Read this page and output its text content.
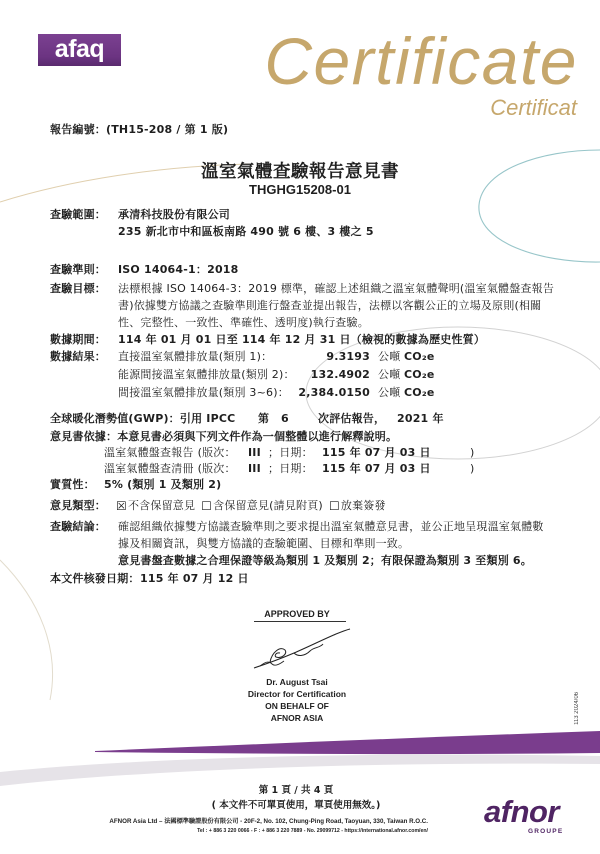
afaq Certificate
Certificat
報告編號：(TH15-208 / 第 1 版)
溫室氣體查驗報告意見書
THGHG15208-01
查驗範圍： 承清科技股份有限公司
235 新北市中和區板南路 490 號 6 樓、3 樓之 5
查驗準則： ISO 14064-1：2018
查驗目標： 法標根據 ISO 14064-3：2019 標準，確認上述組織之溫室氣體聲明(溫室氣體盤查報告
書)依據雙方協議之查驗準則進行盤查並提出報告，法標以客觀公正的立場及原則(相關
性、完整性、一致性、準確性、透明度)執行查驗。
數據期間： 114 年 01 月 01 日至 114 年 12 月 31 日（檢視的數據為歷史性質）
數據結果： 直接溫室氣體排放量(類別 1)：	9.3193 公噸 CO₂e
能源間接溫室氣體排放量(類別 2)：	132.4902 公噸 CO₂e
間接溫室氣體排放量(類別 3~6)： 2,384.0150 公噸 CO₂e
全球暖化潛勢值(GWP)：引用 IPCC 第 6	次評估報告， 2021 年
意見書依據：本意見書必須與下列文件作為一個整體以進行解釋說明。
溫室氣體盤查報告 (版次： III ；日期： 115 年 07 月 03 日	)
溫室氣體盤查清冊 (版次： III ；日期： 115 年 07 月 03 日	)
實質性： 5% (類別 1 及類別 2)
意見類型： ☒ 不含保留意見 ☐ 含保留意見(請見附頁) ☐ 放棄簽發
查驗結論： 確認組織依據雙方協議查驗準則之要求提出溫室氣體意見書，並公正地呈現溫室氣體數
據及相關資訊，與雙方協議的查驗範圍、目標和準則一致。
意見書盤查數據之合理保證等級為類別 1 及類別 2；有限保證為類別 3 至類別 6。
本文件核發日期： 115 年 07 月 12 日
APPROVED BY
Dr. August Tsai
Director for Certification
ON BEHALF OF
AFNOR ASIA	113 2024/06
第 1 頁 / 共 4 頁
( 本文件不可單頁使用，單頁使用無效。)
AFNOR Asia Ltd – 法國標準驗證股份有限公司 - 20F-2, No. 102, Chung-Ping Road, Taoyuan, 330, Taiwan R.O.C.
Tel : + 886 3 220 0066 - F : + 886 3 220 7889 - No. 29099712 - https://international.afnor.com/en/
afnor
GROUPE
